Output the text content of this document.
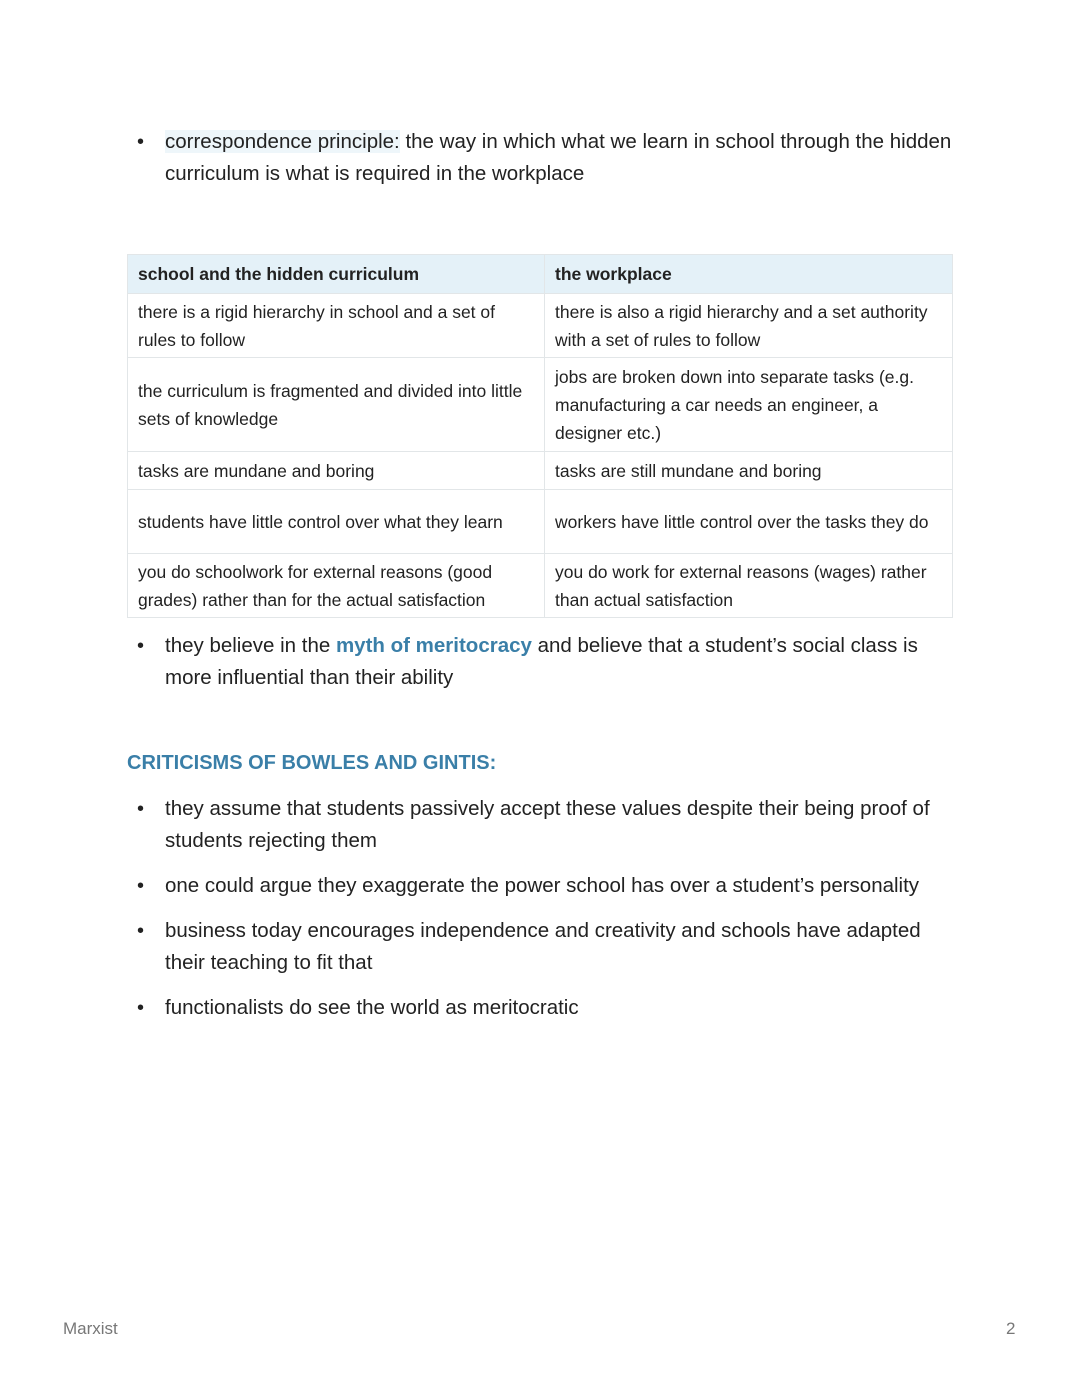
• correspondence principle: the way in which what we learn in school through the hidden curriculum is what is required in the workplace
school and the hidden curriculum	the workplace
there is a rigid hierarchy in school and a set of rules to follow	there is also a rigid hierarchy and a set authority with a set of rules to follow
the curriculum is fragmented and divided into little sets of knowledge	jobs are broken down into separate tasks (e.g. manufacturing a car needs an engineer, a designer etc.)
tasks are mundane and boring	tasks are still mundane and boring
students have little control over what they learn	workers have little control over the tasks they do
you do schoolwork for external reasons (good grades) rather than for the actual satisfaction	you do work for external reasons (wages) rather than actual satisfaction
• they believe in the myth of meritocracy and believe that a student’s social class is more influential than their ability
CRITICISMS OF BOWLES AND GINTIS:
• they assume that students passively accept these values despite their being proof of students rejecting them
• one could argue they exaggerate the power school has over a student’s personality
• business today encourages independence and creativity and schools have adapted their teaching to fit that
• functionalists do see the world as meritocratic
Marxist	2
